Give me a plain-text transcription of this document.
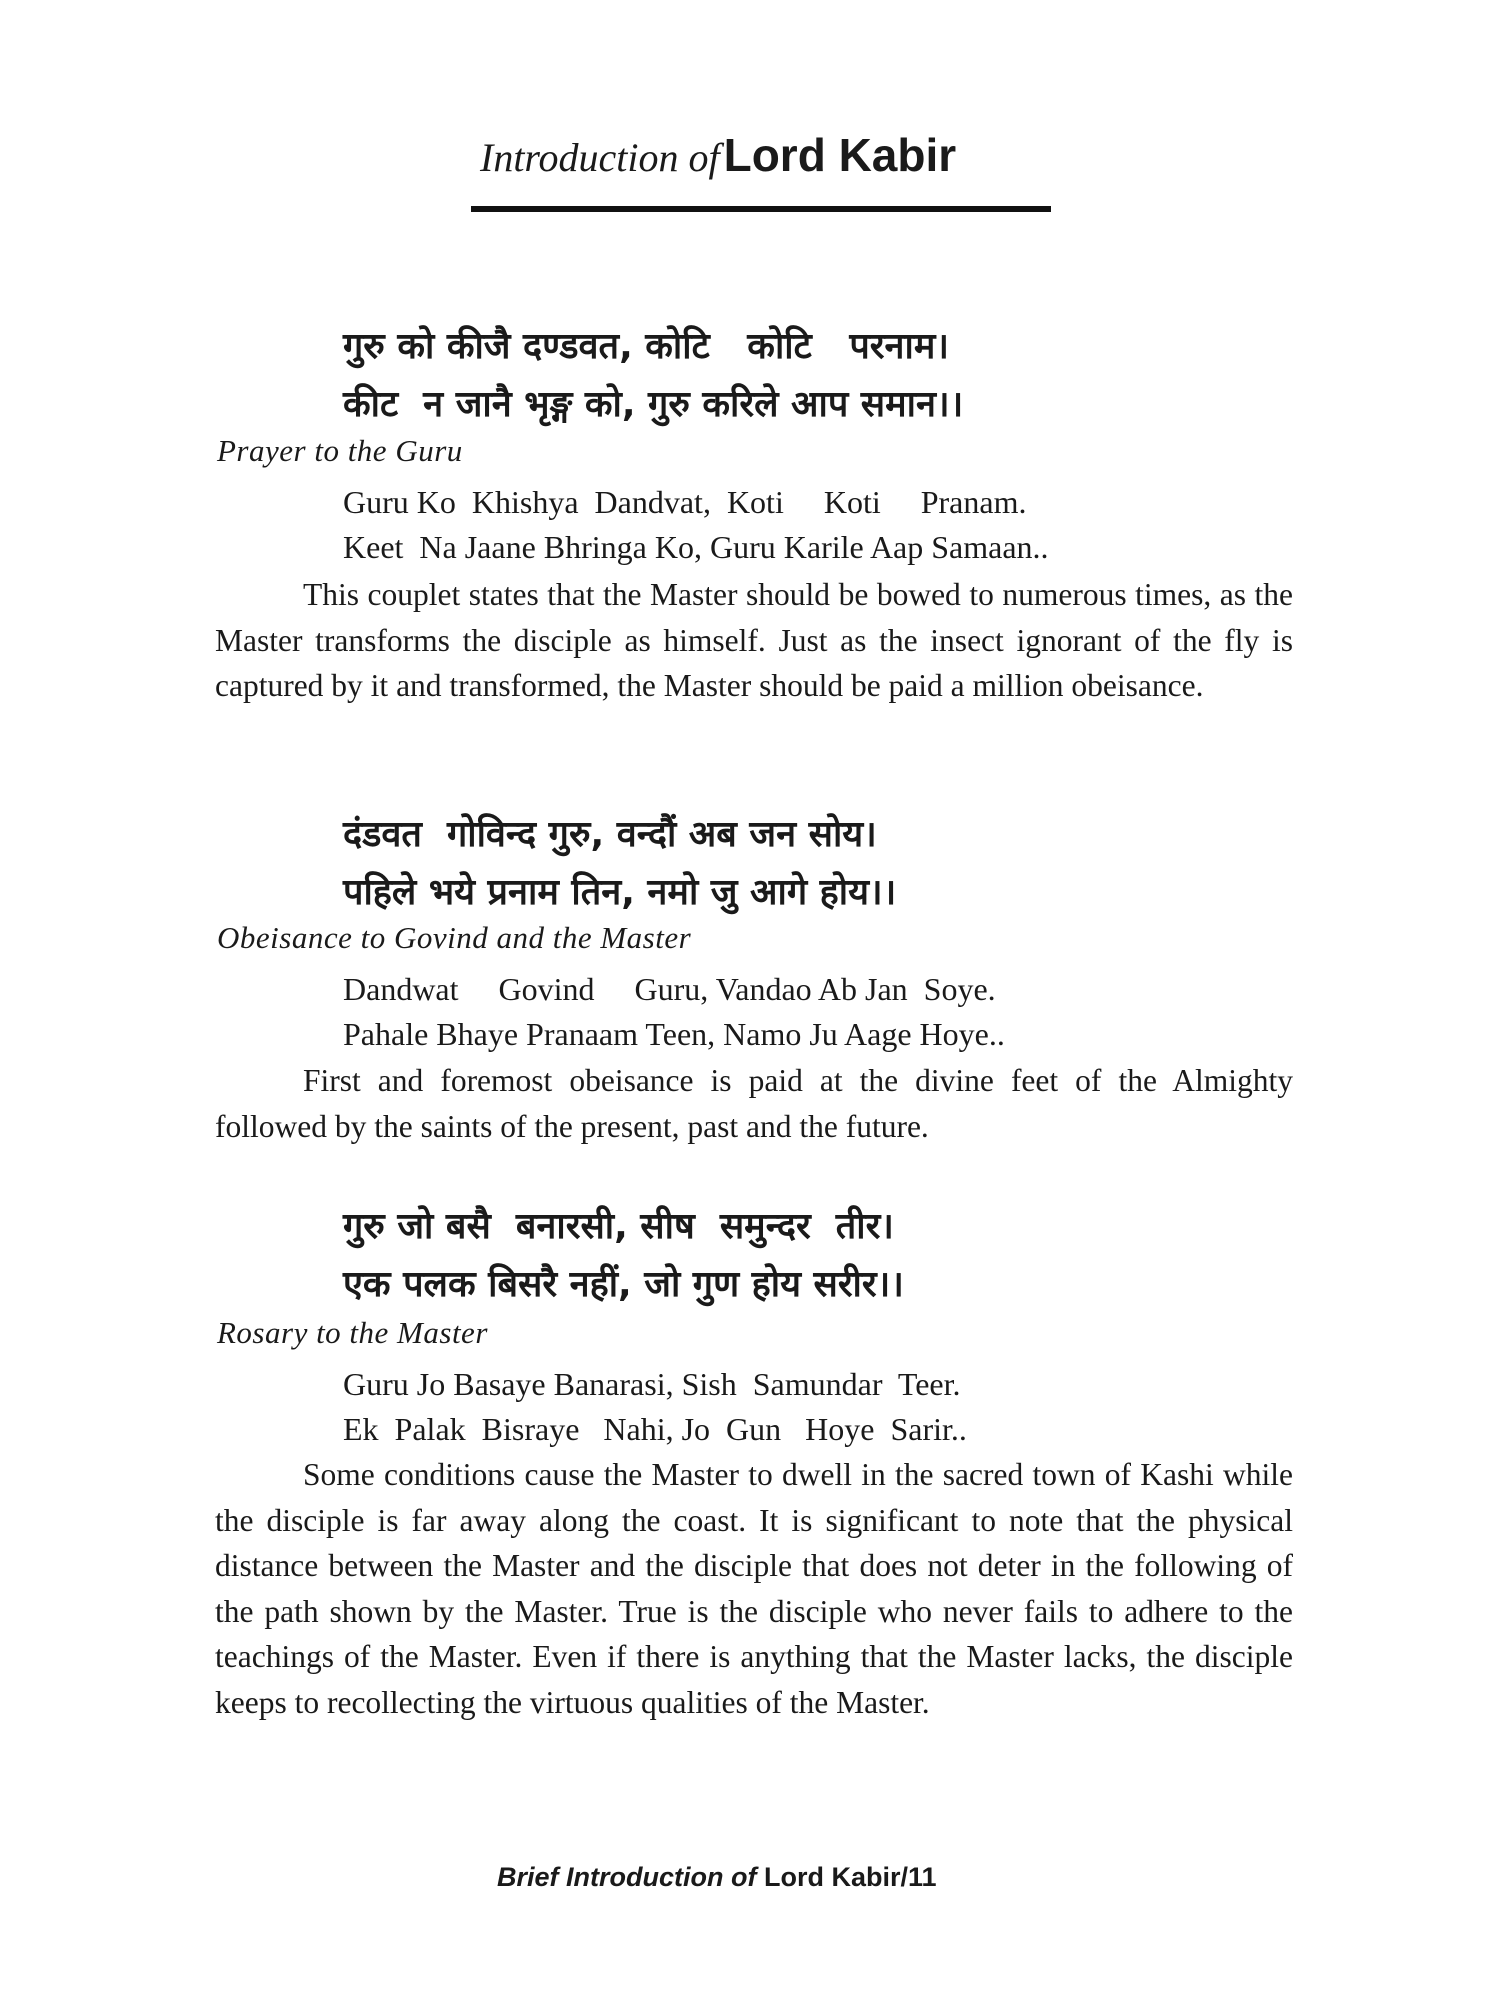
Introduction of Lord Kabir
गुरु को कीजै दण्डवत, कोटि   कोटि   परनाम।
कीट  न जानै भृङ्ग को, गुरु करिले आप समान।।
Prayer to the Guru
Guru Ko  Khishya  Dandvat,  Koti     Koti     Pranam.
Keet  Na Jaane Bhringa Ko, Guru Karile Aap Samaan..
This couplet states that the Master should be bowed to numerous times, as the Master transforms the disciple as himself. Just as the insect ignorant of the fly is captured by it and transformed, the Master should be paid a million obeisance.
दंडवत  गोविन्द गुरु, वन्दौं अब जन सोय।
पहिले भये प्रनाम तिन, नमो जु आगे होय।।
Obeisance to Govind and the Master
Dandwat     Govind     Guru, Vandao Ab Jan  Soye.
Pahale Bhaye Pranaam Teen, Namo Ju Aage Hoye..
First and foremost obeisance is paid at the divine feet of the Almighty followed by the saints of the present, past and the future.
गुरु जो बसै  बनारसी, सीष  समुन्दर  तीर।
एक पलक बिसरै नहीं, जो गुण होय सरीर।।
Rosary to the Master
Guru Jo Basaye Banarasi, Sish  Samundar  Teer.
Ek  Palak  Bisraye   Nahi, Jo  Gun   Hoye  Sarir..
Some conditions cause the Master to dwell in the sacred town of Kashi while the disciple is far away along the coast. It is significant to note that the physical distance between the Master and the disciple that does not deter in the following of the path shown by the Master. True is the disciple who never fails to adhere to the teachings of the Master. Even if there is anything that the Master lacks, the disciple keeps to recollecting the virtuous qualities of the Master.
Brief Introduction of Lord Kabir/11
